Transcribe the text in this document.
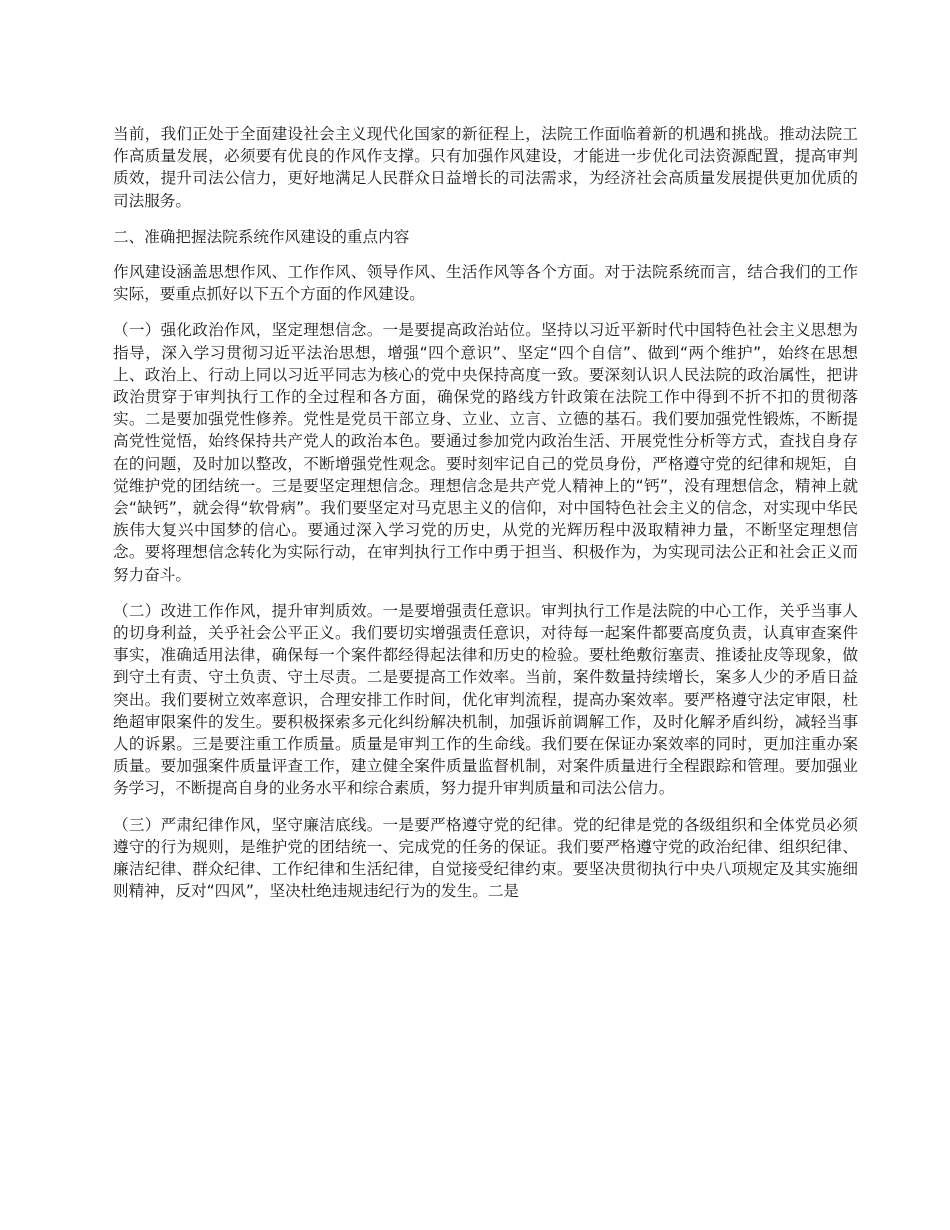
当前，我们正处于全面建设社会主义现代化国家的新征程上，法院工作面临着新的机遇和挑战。推动法院工作高质量发展，必须要有优良的作风作支撑。只有加强作风建设，才能进一步优化司法资源配置，提高审判质效，提升司法公信力，更好地满足人民群众日益增长的司法需求，为经济社会高质量发展提供更加优质的司法服务。

二、准确把握法院系统作风建设的重点内容

作风建设涵盖思想作风、工作作风、领导作风、生活作风等各个方面。对于法院系统而言，结合我们的工作实际，要重点抓好以下五个方面的作风建设。

（一）强化政治作风，坚定理想信念。一是要提高政治站位。坚持以习近平新时代中国特色社会主义思想为指导，深入学习贯彻习近平法治思想，增强“四个意识”、坚定“四个自信”、做到“两个维护”，始终在思想上、政治上、行动上同以习近平同志为核心的党中央保持高度一致。要深刻认识人民法院的政治属性，把讲政治贯穿于审判执行工作的全过程和各方面，确保党的路线方针政策在法院工作中得到不折不扣的贯彻落实。二是要加强党性修养。党性是党员干部立身、立业、立言、立德的基石。我们要加强党性锻炼，不断提高党性觉悟，始终保持共产党人的政治本色。要通过参加党内政治生活、开展党性分析等方式，查找自身存在的问题，及时加以整改，不断增强党性观念。要时刻牢记自己的党员身份，严格遵守党的纪律和规矩，自觉维护党的团结统一。三是要坚定理想信念。理想信念是共产党人精神上的“钙”，没有理想信念，精神上就会“缺钙”，就会得“软骨病”。我们要坚定对马克思主义的信仰，对中国特色社会主义的信念，对实现中华民族伟大复兴中国梦的信心。要通过深入学习党的历史，从党的光辉历程中汲取精神力量，不断坚定理想信念。要将理想信念转化为实际行动，在审判执行工作中勇于担当、积极作为，为实现司法公正和社会正义而努力奋斗。

（二）改进工作作风，提升审判质效。一是要增强责任意识。审判执行工作是法院的中心工作，关乎当事人的切身利益，关乎社会公平正义。我们要切实增强责任意识，对待每一起案件都要高度负责，认真审查案件事实，准确适用法律，确保每一个案件都经得起法律和历史的检验。要杜绝敷衍塞责、推诿扯皮等现象，做到守土有责、守土负责、守土尽责。二是要提高工作效率。当前，案件数量持续增长，案多人少的矛盾日益突出。我们要树立效率意识，合理安排工作时间，优化审判流程，提高办案效率。要严格遵守法定审限，杜绝超审限案件的发生。要积极探索多元化纠纷解决机制，加强诉前调解工作，及时化解矛盾纠纷，减轻当事人的诉累。三是要注重工作质量。质量是审判工作的生命线。我们要在保证办案效率的同时，更加注重办案质量。要加强案件质量评查工作，建立健全案件质量监督机制，对案件质量进行全程跟踪和管理。要加强业务学习，不断提高自身的业务水平和综合素质，努力提升审判质量和司法公信力。

（三）严肃纪律作风，坚守廉洁底线。一是要严格遵守党的纪律。党的纪律是党的各级组织和全体党员必须遵守的行为规则，是维护党的团结统一、完成党的任务的保证。我们要严格遵守党的政治纪律、组织纪律、廉洁纪律、群众纪律、工作纪律和生活纪律，自觉接受纪律约束。要坚决贯彻执行中央八项规定及其实施细则精神，反对“四风”，坚决杜绝违规违纪行为的发生。二是
